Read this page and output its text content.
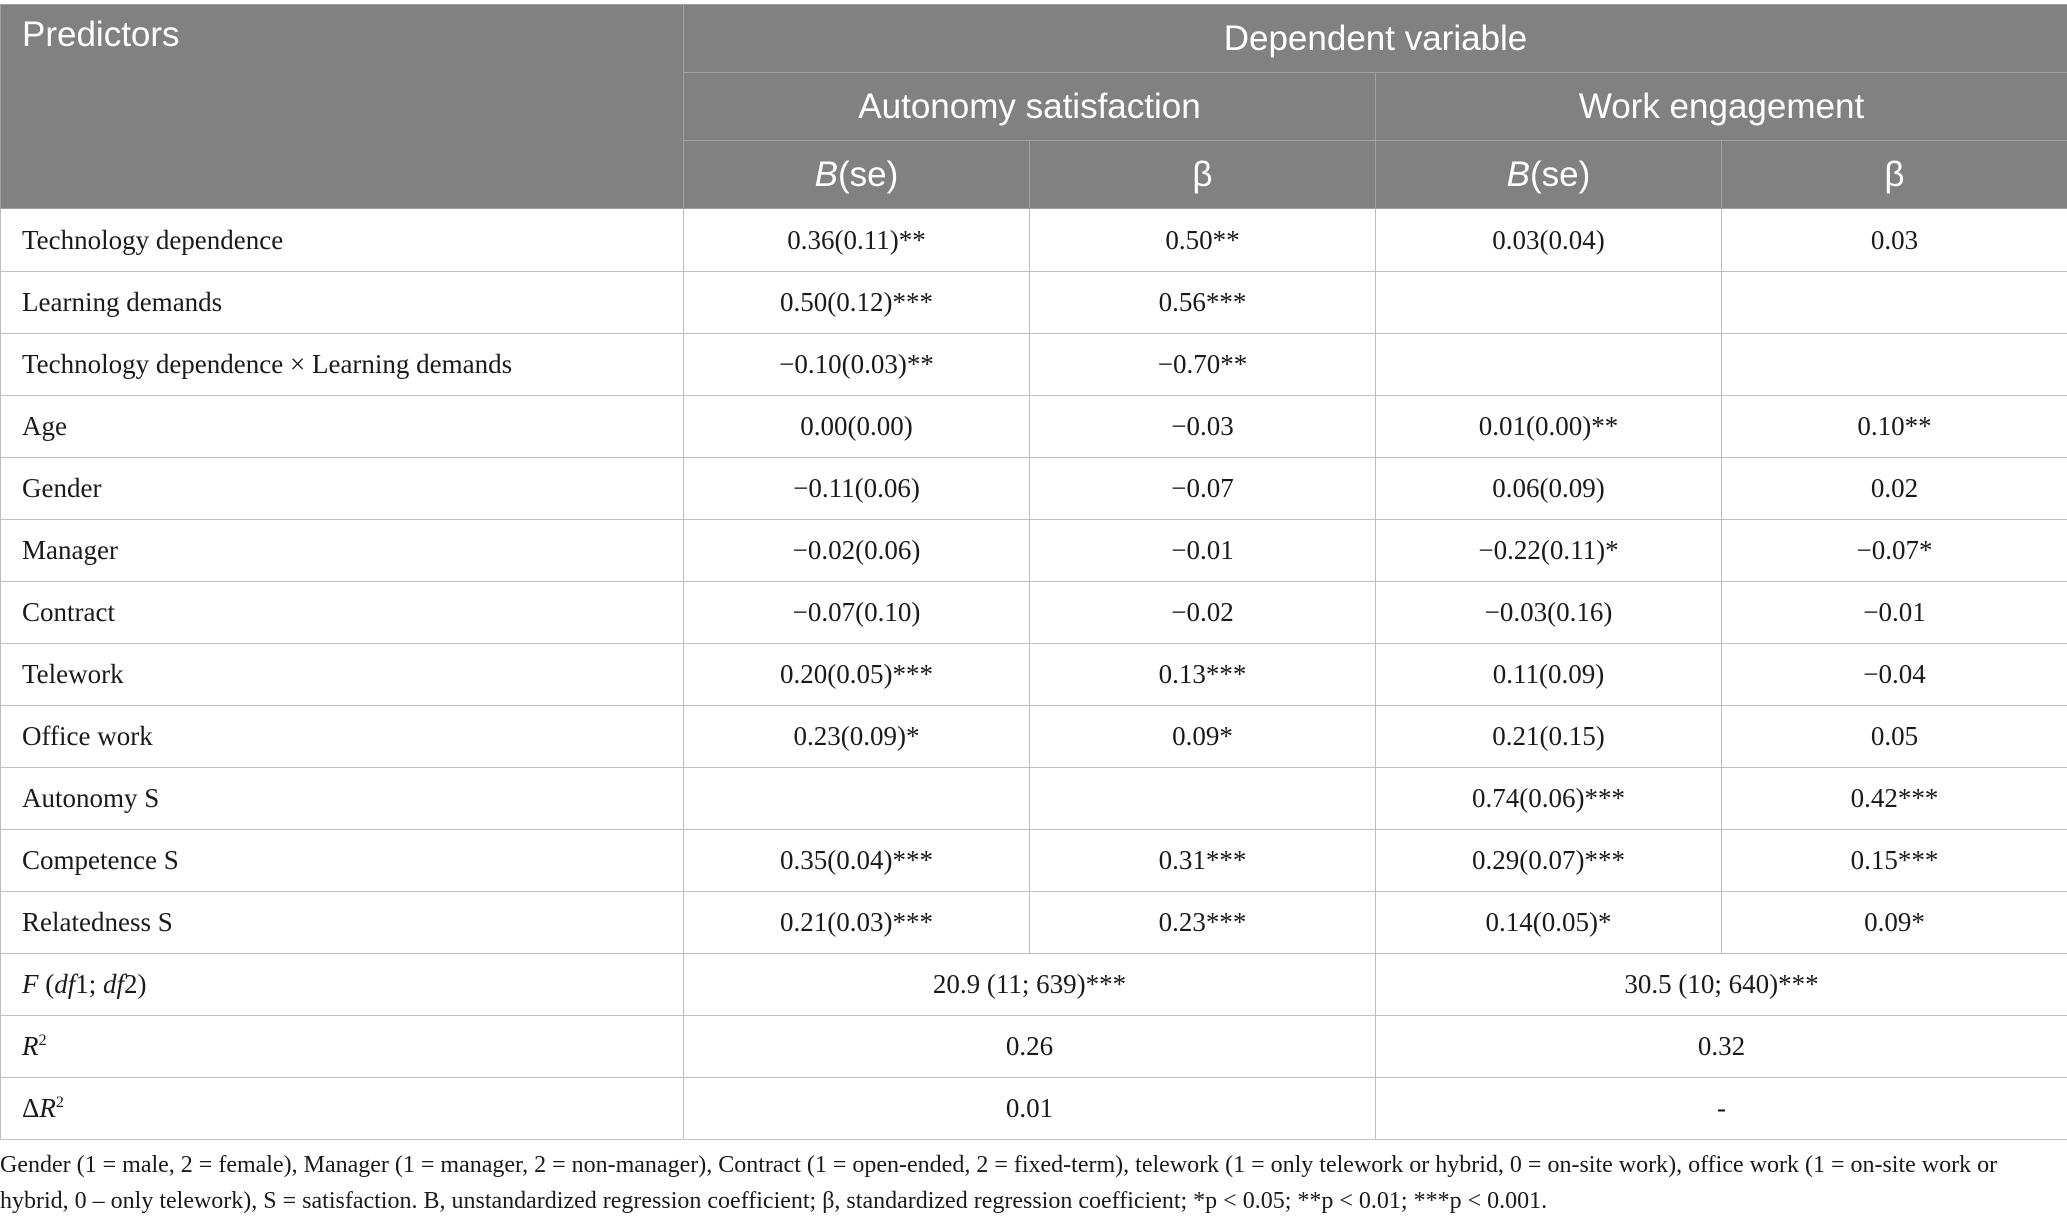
Predictors	Dependent variable			
	Autonomy satisfaction		Work engagement	
	B(se)	β	B(se)	β
Technology dependence	0.36(0.11)**	0.50**	0.03(0.04)	0.03
Learning demands	0.50(0.12)***	0.56***		
Technology dependence × Learning demands	−0.10(0.03)**	−0.70**		
Age	0.00(0.00)	−0.03	0.01(0.00)**	0.10**
Gender	−0.11(0.06)	−0.07	0.06(0.09)	0.02
Manager	−0.02(0.06)	−0.01	−0.22(0.11)*	−0.07*
Contract	−0.07(0.10)	−0.02	−0.03(0.16)	−0.01
Telework	0.20(0.05)***	0.13***	0.11(0.09)	−0.04
Office work	0.23(0.09)*	0.09*	0.21(0.15)	0.05
Autonomy S			0.74(0.06)***	0.42***
Competence S	0.35(0.04)***	0.31***	0.29(0.07)***	0.15***
Relatedness S	0.21(0.03)***	0.23***	0.14(0.05)*	0.09*
F (df1; df2)	20.9 (11; 639)***		30.5 (10; 640)***	
$R^2$	0.26		0.32	
$\Delta R^2$	0.01		-	

Gender (1 = male, 2 = female), Manager (1 = manager, 2 = non-manager), Contract (1 = open-ended, 2 = fixed-term), telework (1 = only telework or hybrid, 0 = on-site work), office work (1 = on-site work or hybrid, 0 – only telework), S = satisfaction. B, unstandardized regression coefficient; β, standardized regression coefficient; *p < 0.05; **p < 0.01; ***p < 0.001.
